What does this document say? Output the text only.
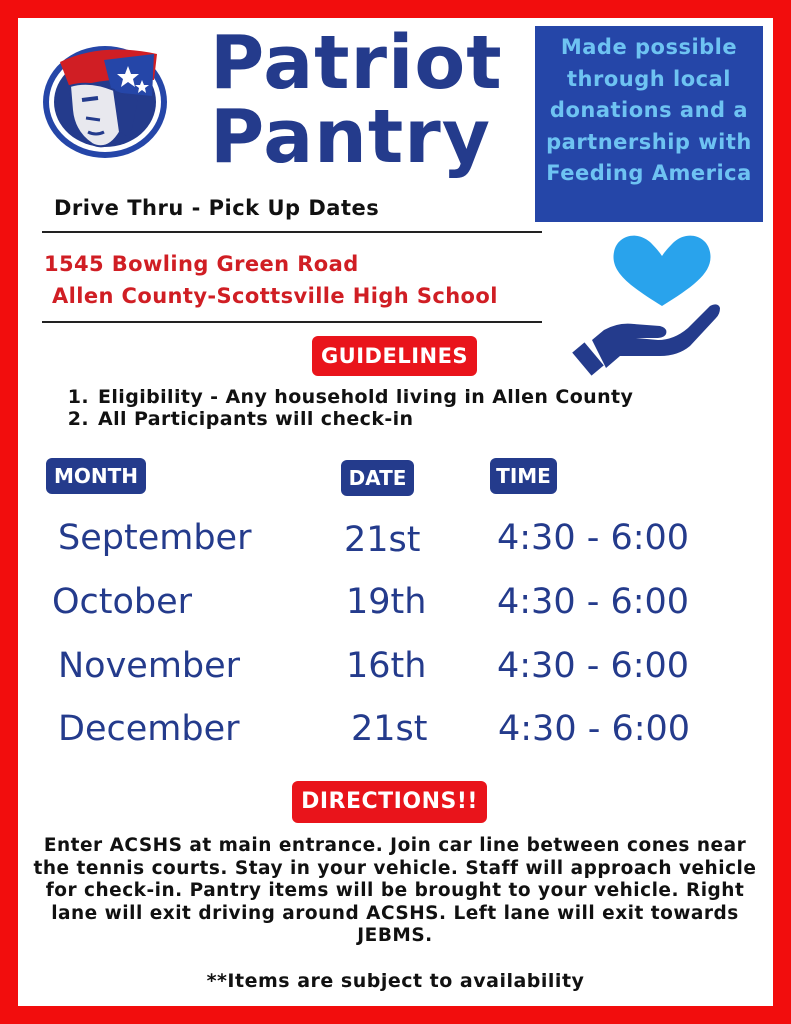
Patriot
Pantry
Made possible through local donations and a partnership with Feeding America
Drive Thru - Pick Up Dates
1545 Bowling Green Road
Allen County-Scottsville High School
GUIDELINES
1. Eligibility - Any household living in Allen County
2. All Participants will check-in
MONTH	DATE	TIME
September	21st 4:30 - 6:00
October	19th 4:30 - 6:00
November	16th 4:30 - 6:00
December	21st 4:30 - 6:00
DIRECTIONS!!
Enter ACSHS at main entrance. Join car line between cones near the tennis courts. Stay in your vehicle. Staff will approach vehicle for check-in. Pantry items will be brought to your vehicle. Right lane will exit driving around ACSHS. Left lane will exit towards JEBMS.
**Items are subject to availability
